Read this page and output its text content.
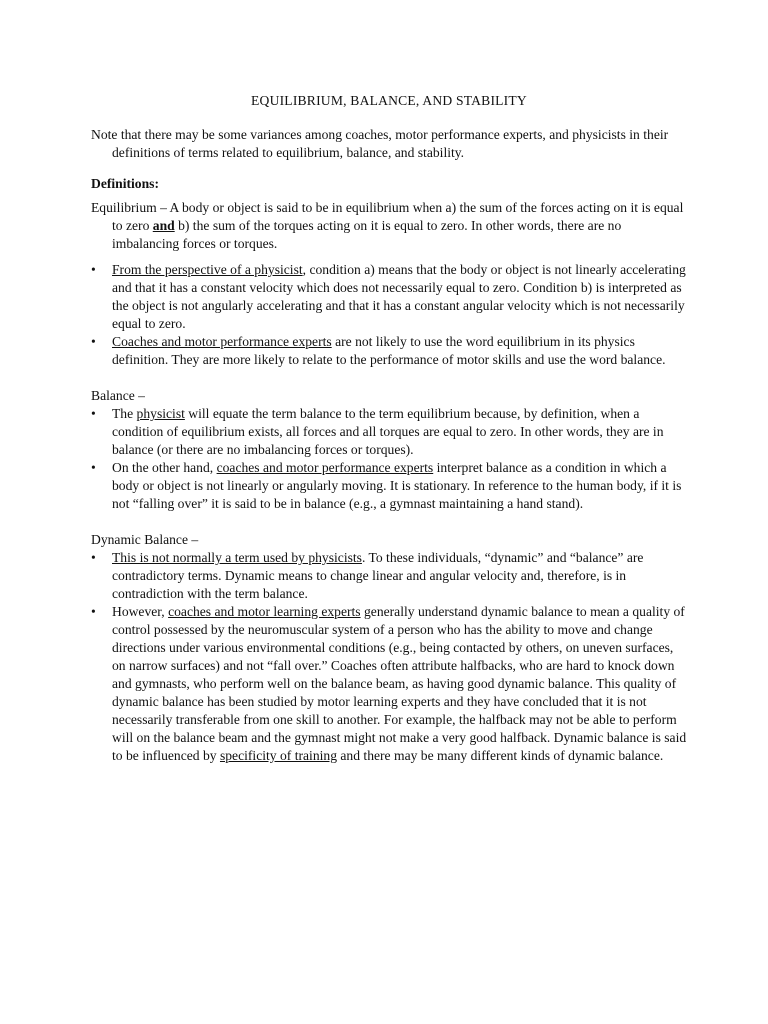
EQUILIBRIUM, BALANCE, AND STABILITY

Note that there may be some variances among coaches, motor performance experts, and physicists in their definitions of terms related to equilibrium, balance, and stability.

Definitions:

Equilibrium – A body or object is said to be in equilibrium when a) the sum of the forces acting on it is equal to zero and b) the sum of the torques acting on it is equal to zero. In other words, there are no imbalancing forces or torques.

• From the perspective of a physicist, condition a) means that the body or object is not linearly accelerating and that it has a constant velocity which does not necessarily equal to zero. Condition b) is interpreted as the object is not angularly accelerating and that it has a constant angular velocity which is not necessarily equal to zero.
• Coaches and motor performance experts are not likely to use the word equilibrium in its physics definition. They are more likely to relate to the performance of motor skills and use the word balance.

Balance –

• The physicist will equate the term balance to the term equilibrium because, by definition, when a condition of equilibrium exists, all forces and all torques are equal to zero. In other words, they are in balance (or there are no imbalancing forces or torques).
• On the other hand, coaches and motor performance experts interpret balance as a condition in which a body or object is not linearly or angularly moving. It is stationary. In reference to the human body, if it is not “falling over” it is said to be in balance (e.g., a gymnast maintaining a hand stand).

Dynamic Balance –

• This is not normally a term used by physicists. To these individuals, “dynamic” and “balance” are contradictory terms. Dynamic means to change linear and angular velocity and, therefore, is in contradiction with the term balance.
• However, coaches and motor learning experts generally understand dynamic balance to mean a quality of control possessed by the neuromuscular system of a person who has the ability to move and change directions under various environmental conditions (e.g., being contacted by others, on uneven surfaces, on narrow surfaces) and not “fall over.” Coaches often attribute halfbacks, who are hard to knock down and gymnasts, who perform well on the balance beam, as having good dynamic balance. This quality of dynamic balance has been studied by motor learning experts and they have concluded that it is not necessarily transferable from one skill to another. For example, the halfback may not be able to perform will on the balance beam and the gymnast might not make a very good halfback. Dynamic balance is said to be influenced by specificity of training and there may be many different kinds of dynamic balance.
